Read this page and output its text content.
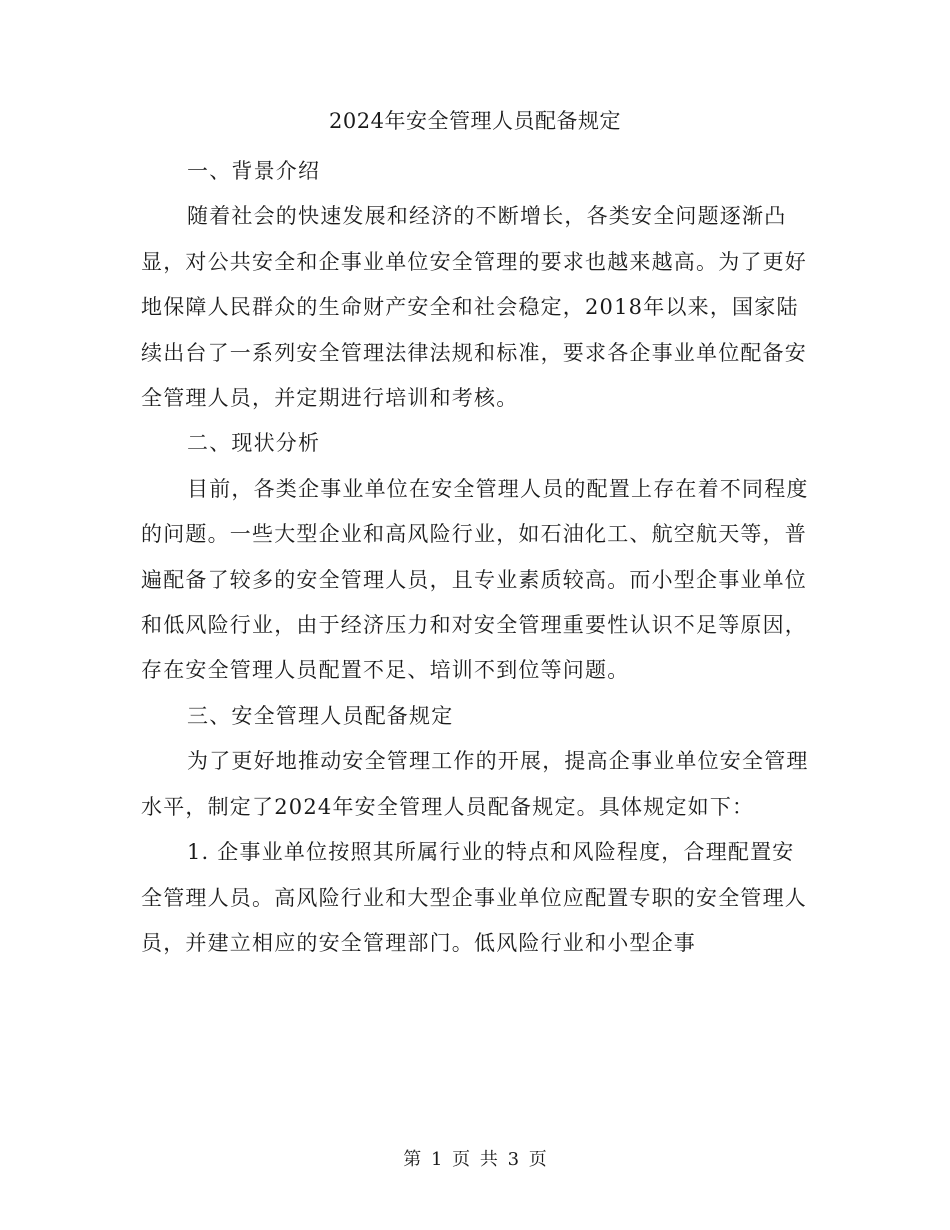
2024年安全管理人员配备规定

一、背景介绍

随着社会的快速发展和经济的不断增长，各类安全问题逐渐凸显，对公共安全和企事业单位安全管理的要求也越来越高。为了更好地保障人民群众的生命财产安全和社会稳定，2018年以来，国家陆续出台了一系列安全管理法律法规和标准，要求各企事业单位配备安全管理人员，并定期进行培训和考核。

二、现状分析

目前，各类企事业单位在安全管理人员的配置上存在着不同程度的问题。一些大型企业和高风险行业，如石油化工、航空航天等，普遍配备了较多的安全管理人员，且专业素质较高。而小型企事业单位和低风险行业，由于经济压力和对安全管理重要性认识不足等原因，存在安全管理人员配置不足、培训不到位等问题。

三、安全管理人员配备规定

为了更好地推动安全管理工作的开展，提高企事业单位安全管理水平，制定了2024年安全管理人员配备规定。具体规定如下：

1. 企事业单位按照其所属行业的特点和风险程度，合理配置安全管理人员。高风险行业和大型企事业单位应配置专职的安全管理人员，并建立相应的安全管理部门。低风险行业和小型企事

第 1 页 共 3 页
